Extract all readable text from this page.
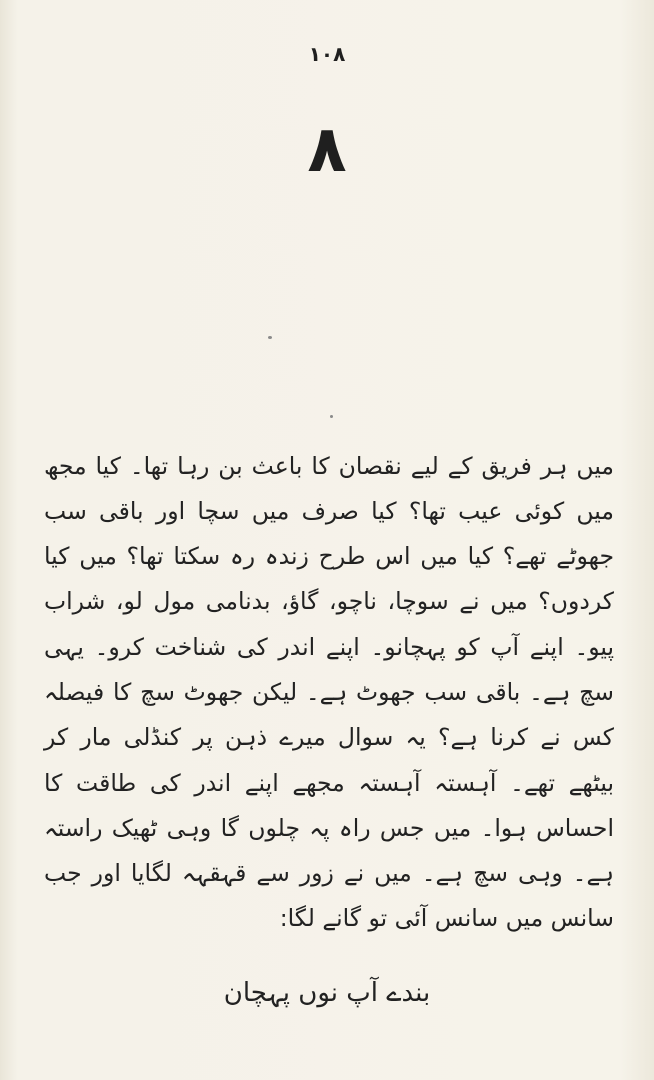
۱۰۸
۸

میں ہر فریق کے لیے نقصان کا باعث بن رہا تھا۔ کیا مجھ میں کوئی عیب تھا؟ کیا صرف میں سچا اور باقی سب جھوٹے تھے؟ کیا میں اس طرح زندہ رہ سکتا تھا؟ میں کیا کردوں؟ میں نے سوچا، ناچو، گاؤ، بدنامی مول لو، شراب پیو۔ اپنے آپ کو پہچانو۔ اپنے اندر کی شناخت کرو۔ یہی سچ ہے۔ باقی سب جھوٹ ہے۔ لیکن جھوٹ سچ کا فیصلہ کس نے کرنا ہے؟ یہ سوال میرے ذہن پر کنڈلی مار کر بیٹھے تھے۔ آہستہ آہستہ مجھے اپنے اندر کی طاقت کا احساس ہوا۔ میں جس راہ پہ چلوں گا وہی ٹھیک راستہ ہے۔ وہی سچ ہے۔ میں نے زور سے قہقہہ لگایا اور جب سانس میں سانس آئی تو گانے لگا:

بندے آپ نوں پہچان
